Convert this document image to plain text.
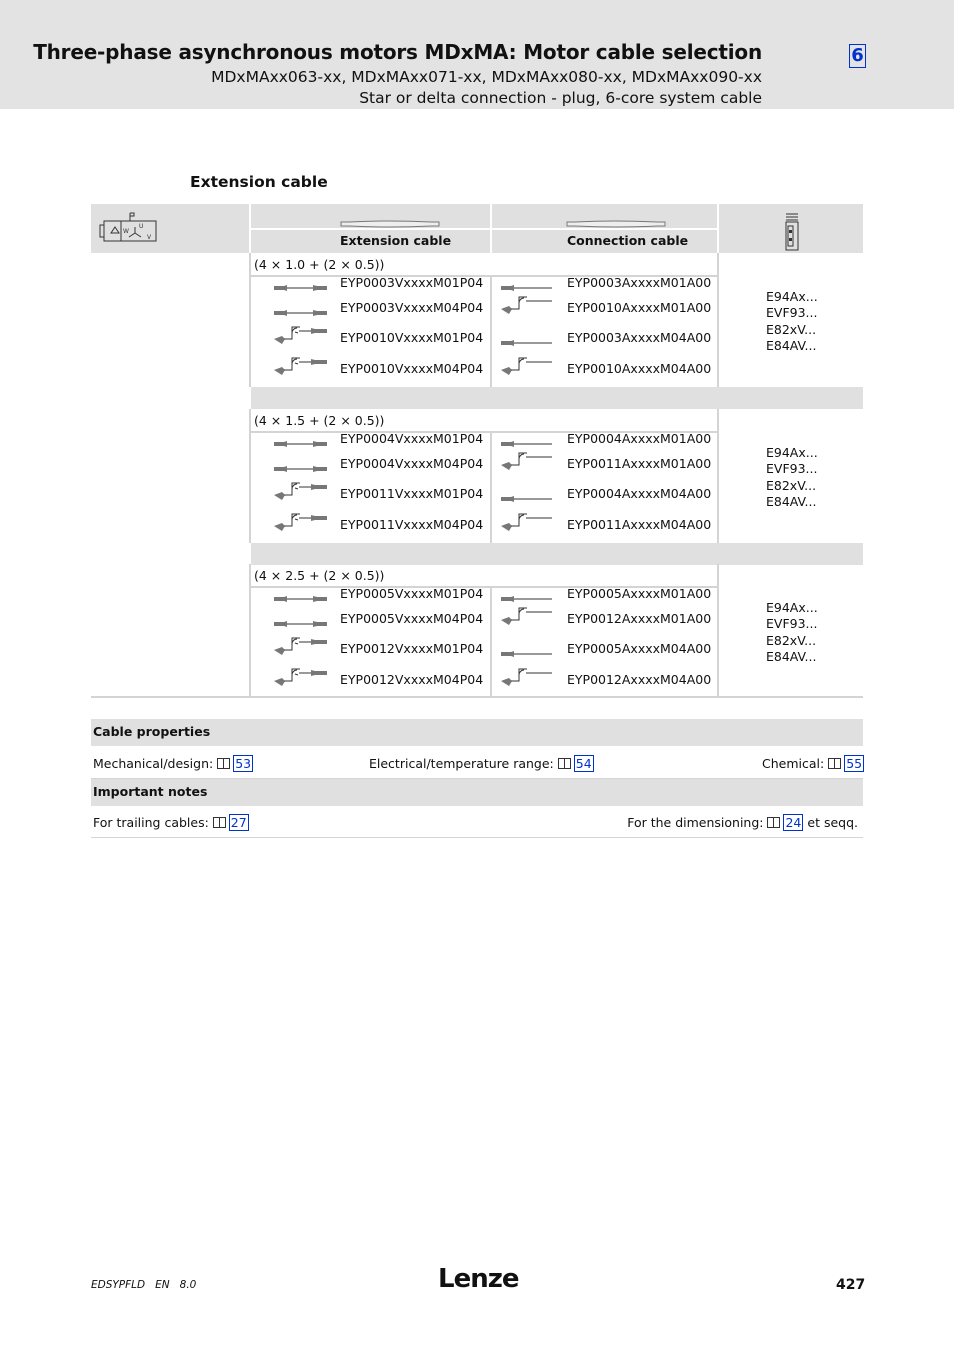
Three-phase asynchronous motors MDxMA: Motor cable selection
MDxMAxx063-xx, MDxMAxx071-xx, MDxMAxx080-xx, MDxMAxx090-xx
Star or delta connection - plug, 6-core system cable
6
Extension cable
W
U
V	Extension cable	Connection cable
(4 × 1.0 + (2 × 0.5))
EYP0003VxxxxM01P04	EYP0003AxxxxM01A00
EYP0003VxxxxM04P04	EYP0010AxxxxM01A00
EYP0010VxxxxM01P04	EYP0003AxxxxM04A00
EYP0010VxxxxM04P04	EYP0010AxxxxM04A00
E94Ax...
EVF93...
E82xV...
E84AV...
(4 × 1.5 + (2 × 0.5))
EYP0004VxxxxM01P04	EYP0004AxxxxM01A00
EYP0004VxxxxM04P04	EYP0011AxxxxM01A00
EYP0011VxxxxM01P04	EYP0004AxxxxM04A00
EYP0011VxxxxM04P04	EYP0011AxxxxM04A00
E94Ax...
EVF93...
E82xV...
E84AV...
(4 × 2.5 + (2 × 0.5))
EYP0005VxxxxM01P04	EYP0005AxxxxM01A00
EYP0005VxxxxM04P04	EYP0012AxxxxM01A00
EYP0012VxxxxM01P04	EYP0005AxxxxM04A00
EYP0012VxxxxM04P04	EYP0012AxxxxM04A00
E94Ax...
EVF93...
E82xV...
E84AV...
Cable properties
Mechanical/design: 53	Electrical/temperature range: 54	Chemical: 55
Important notes
For trailing cables: 27	For the dimensioning: 24 et seqq.
EDSYPFLD EN 8.0	Lenze	427
